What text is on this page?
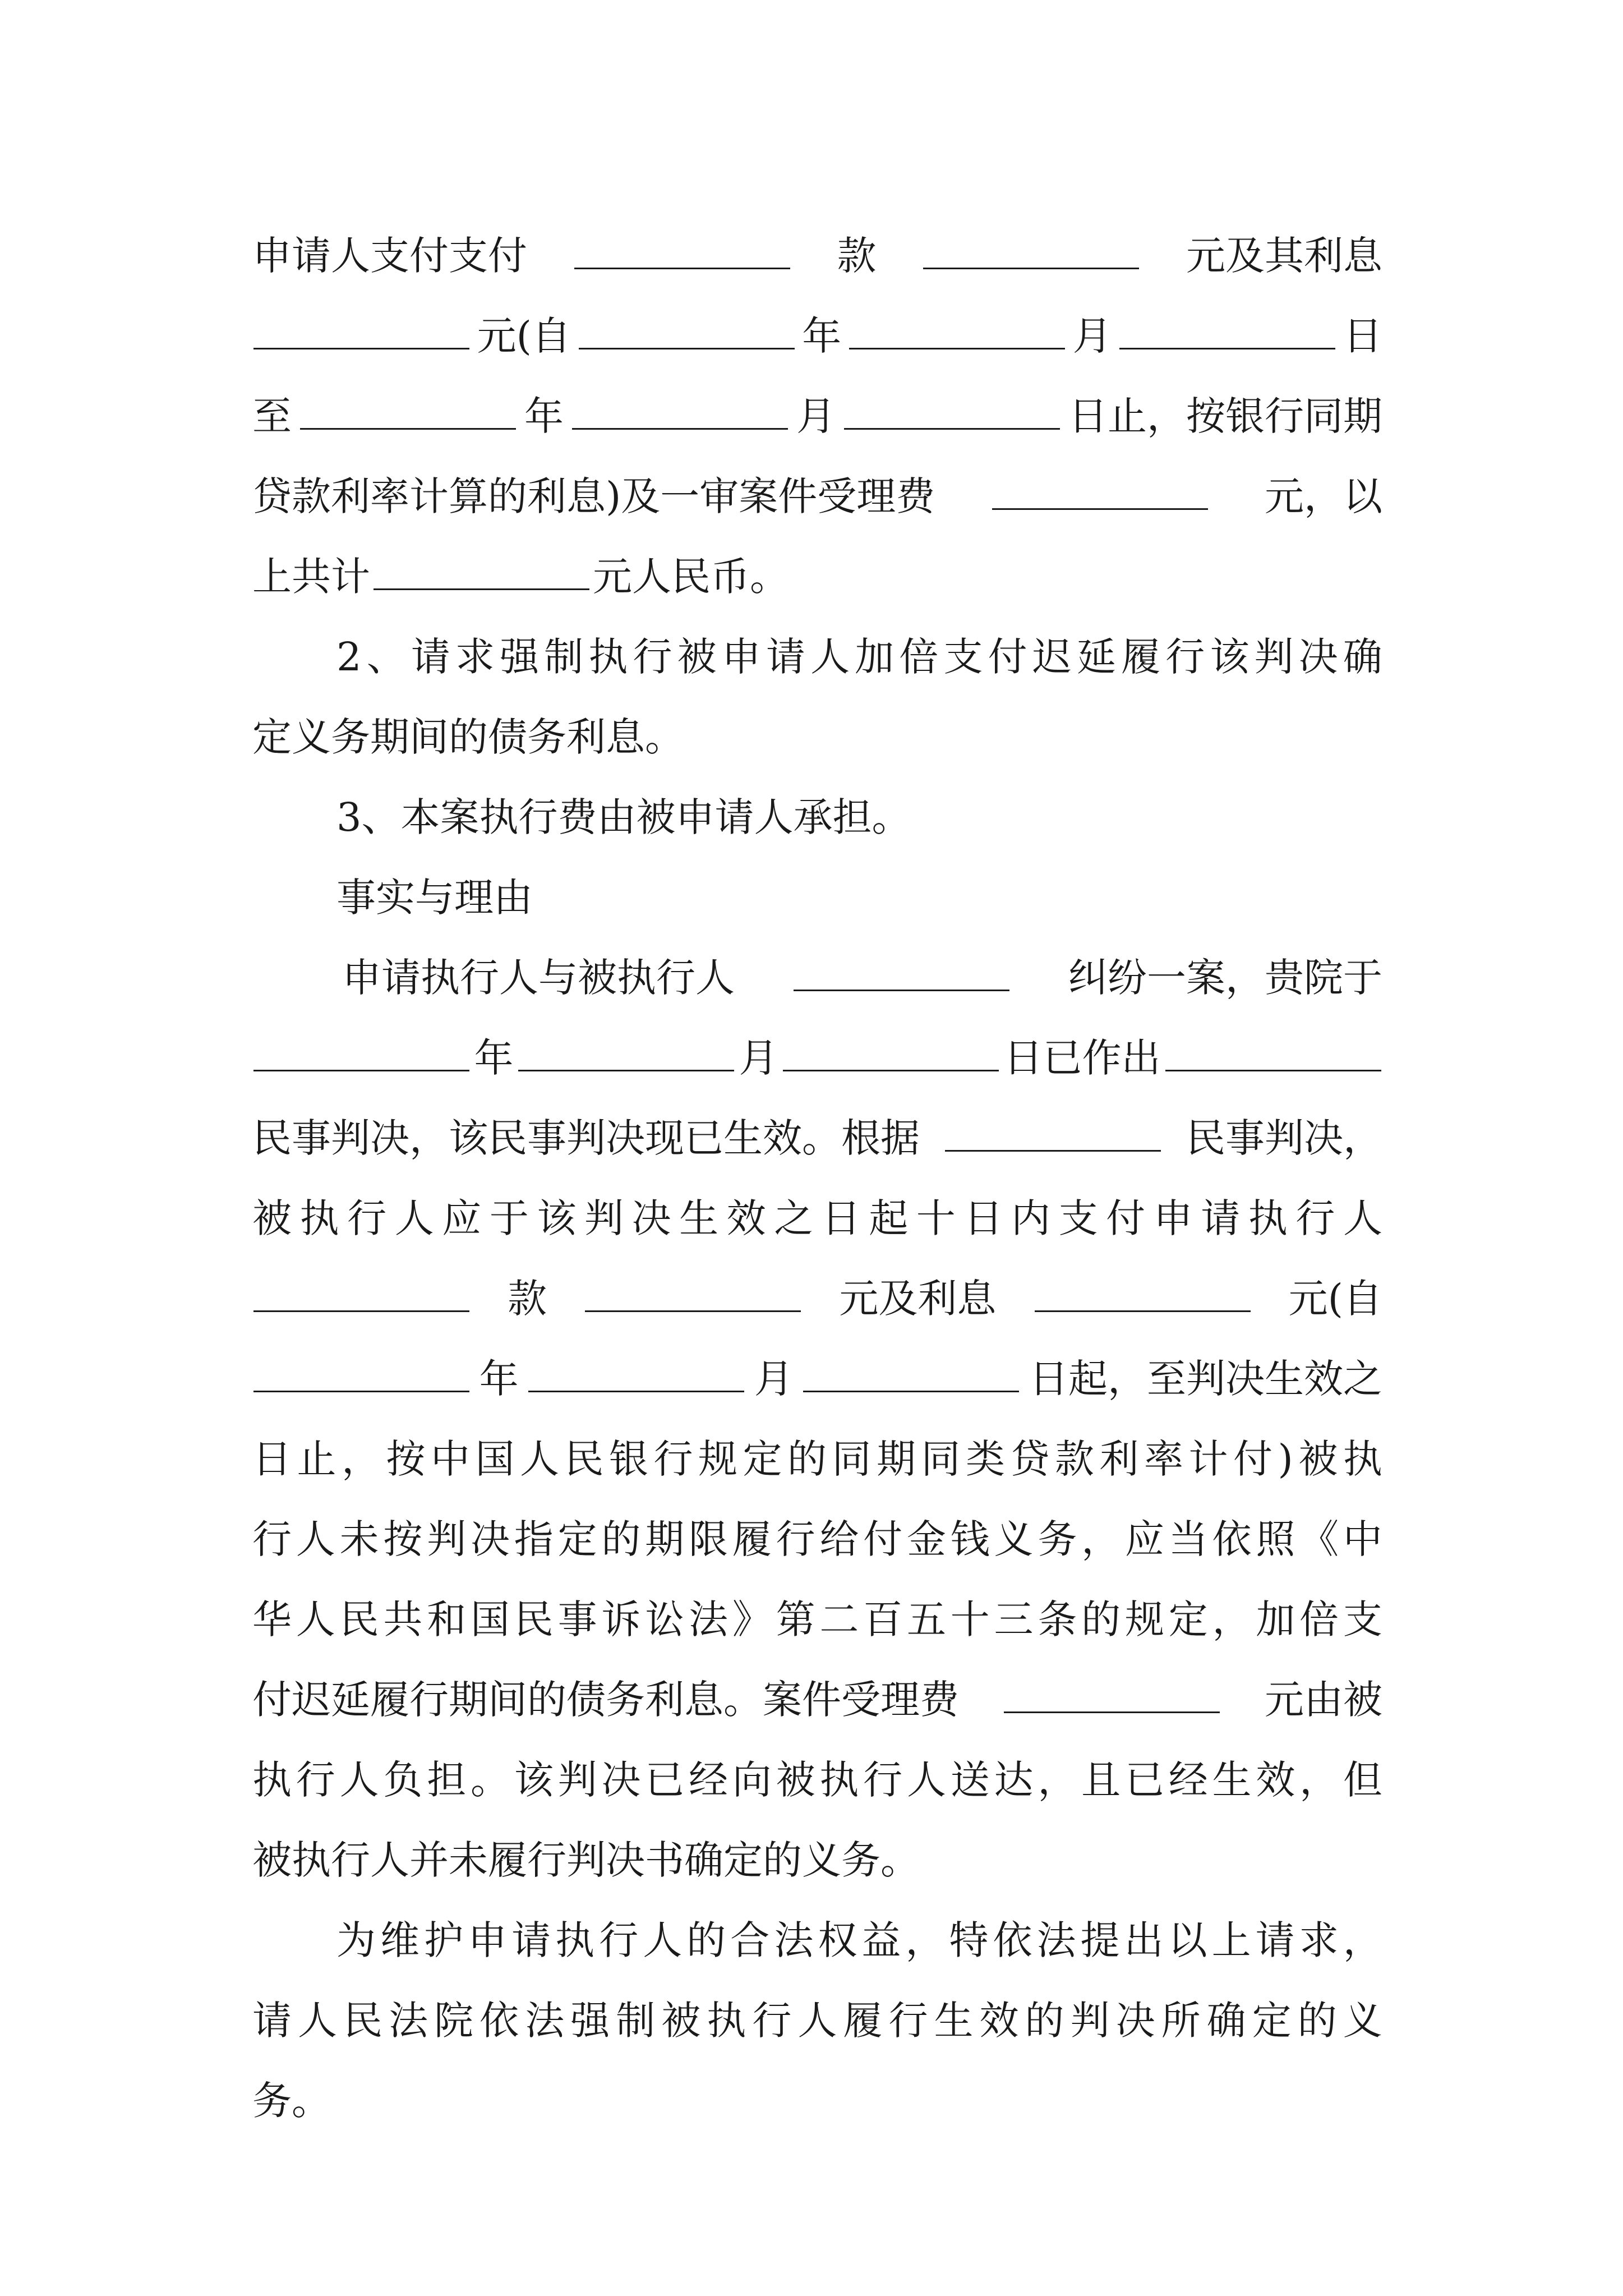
申请人支付支付	款	元及其利息
元(自	年	月	日
至	年	月	日止，按银行同期
贷款利率计算的利息)及一审案件受理费	元，以
上共计	元人民币。
2 、 请 求 强 制 执 行 被 申 请 人 加 倍 支 付 迟 延 履 行 该 判 决 确
定义务期间的债务利息。
3、本案执行费由被申请人承担。
事实与理由
申请执行人与被执行人	纠纷一案，贵院于
年	月	日已作出
民事判决，该民事判决现已生效。根据	民事判决，
被 执 行 人 应 于 该 判 决 生 效 之 日 起 十 日 内 支 付 申 请 执 行 人
款	元及利息	元(自
年	月	日起，至判决生效之
日 止 ， 按 中 国 人 民 银 行 规 定 的 同 期 同 类 贷 款 利 率 计 付 ) 被 执
行 人 未 按 判 决 指 定 的 期 限 履 行 给 付 金 钱 义 务 ， 应 当 依 照 《 中
华 人 民 共 和 国 民 事 诉 讼 法 》 第 二 百 五 十 三 条 的 规 定 ， 加 倍 支
付迟延履行期间的债务利息。案件受理费	元由被
执 行 人 负 担 。 该 判 决 已 经 向 被 执 行 人 送 达 ， 且 已 经 生 效 ， 但
被执行人并未履行判决书确定的义务。
为 维 护 申 请 执 行 人 的 合 法 权 益 ， 特 依 法 提 出 以 上 请 求 ，
请 人 民 法 院 依 法 强 制 被 执 行 人 履 行 生 效 的 判 决 所 确 定 的 义
务。
